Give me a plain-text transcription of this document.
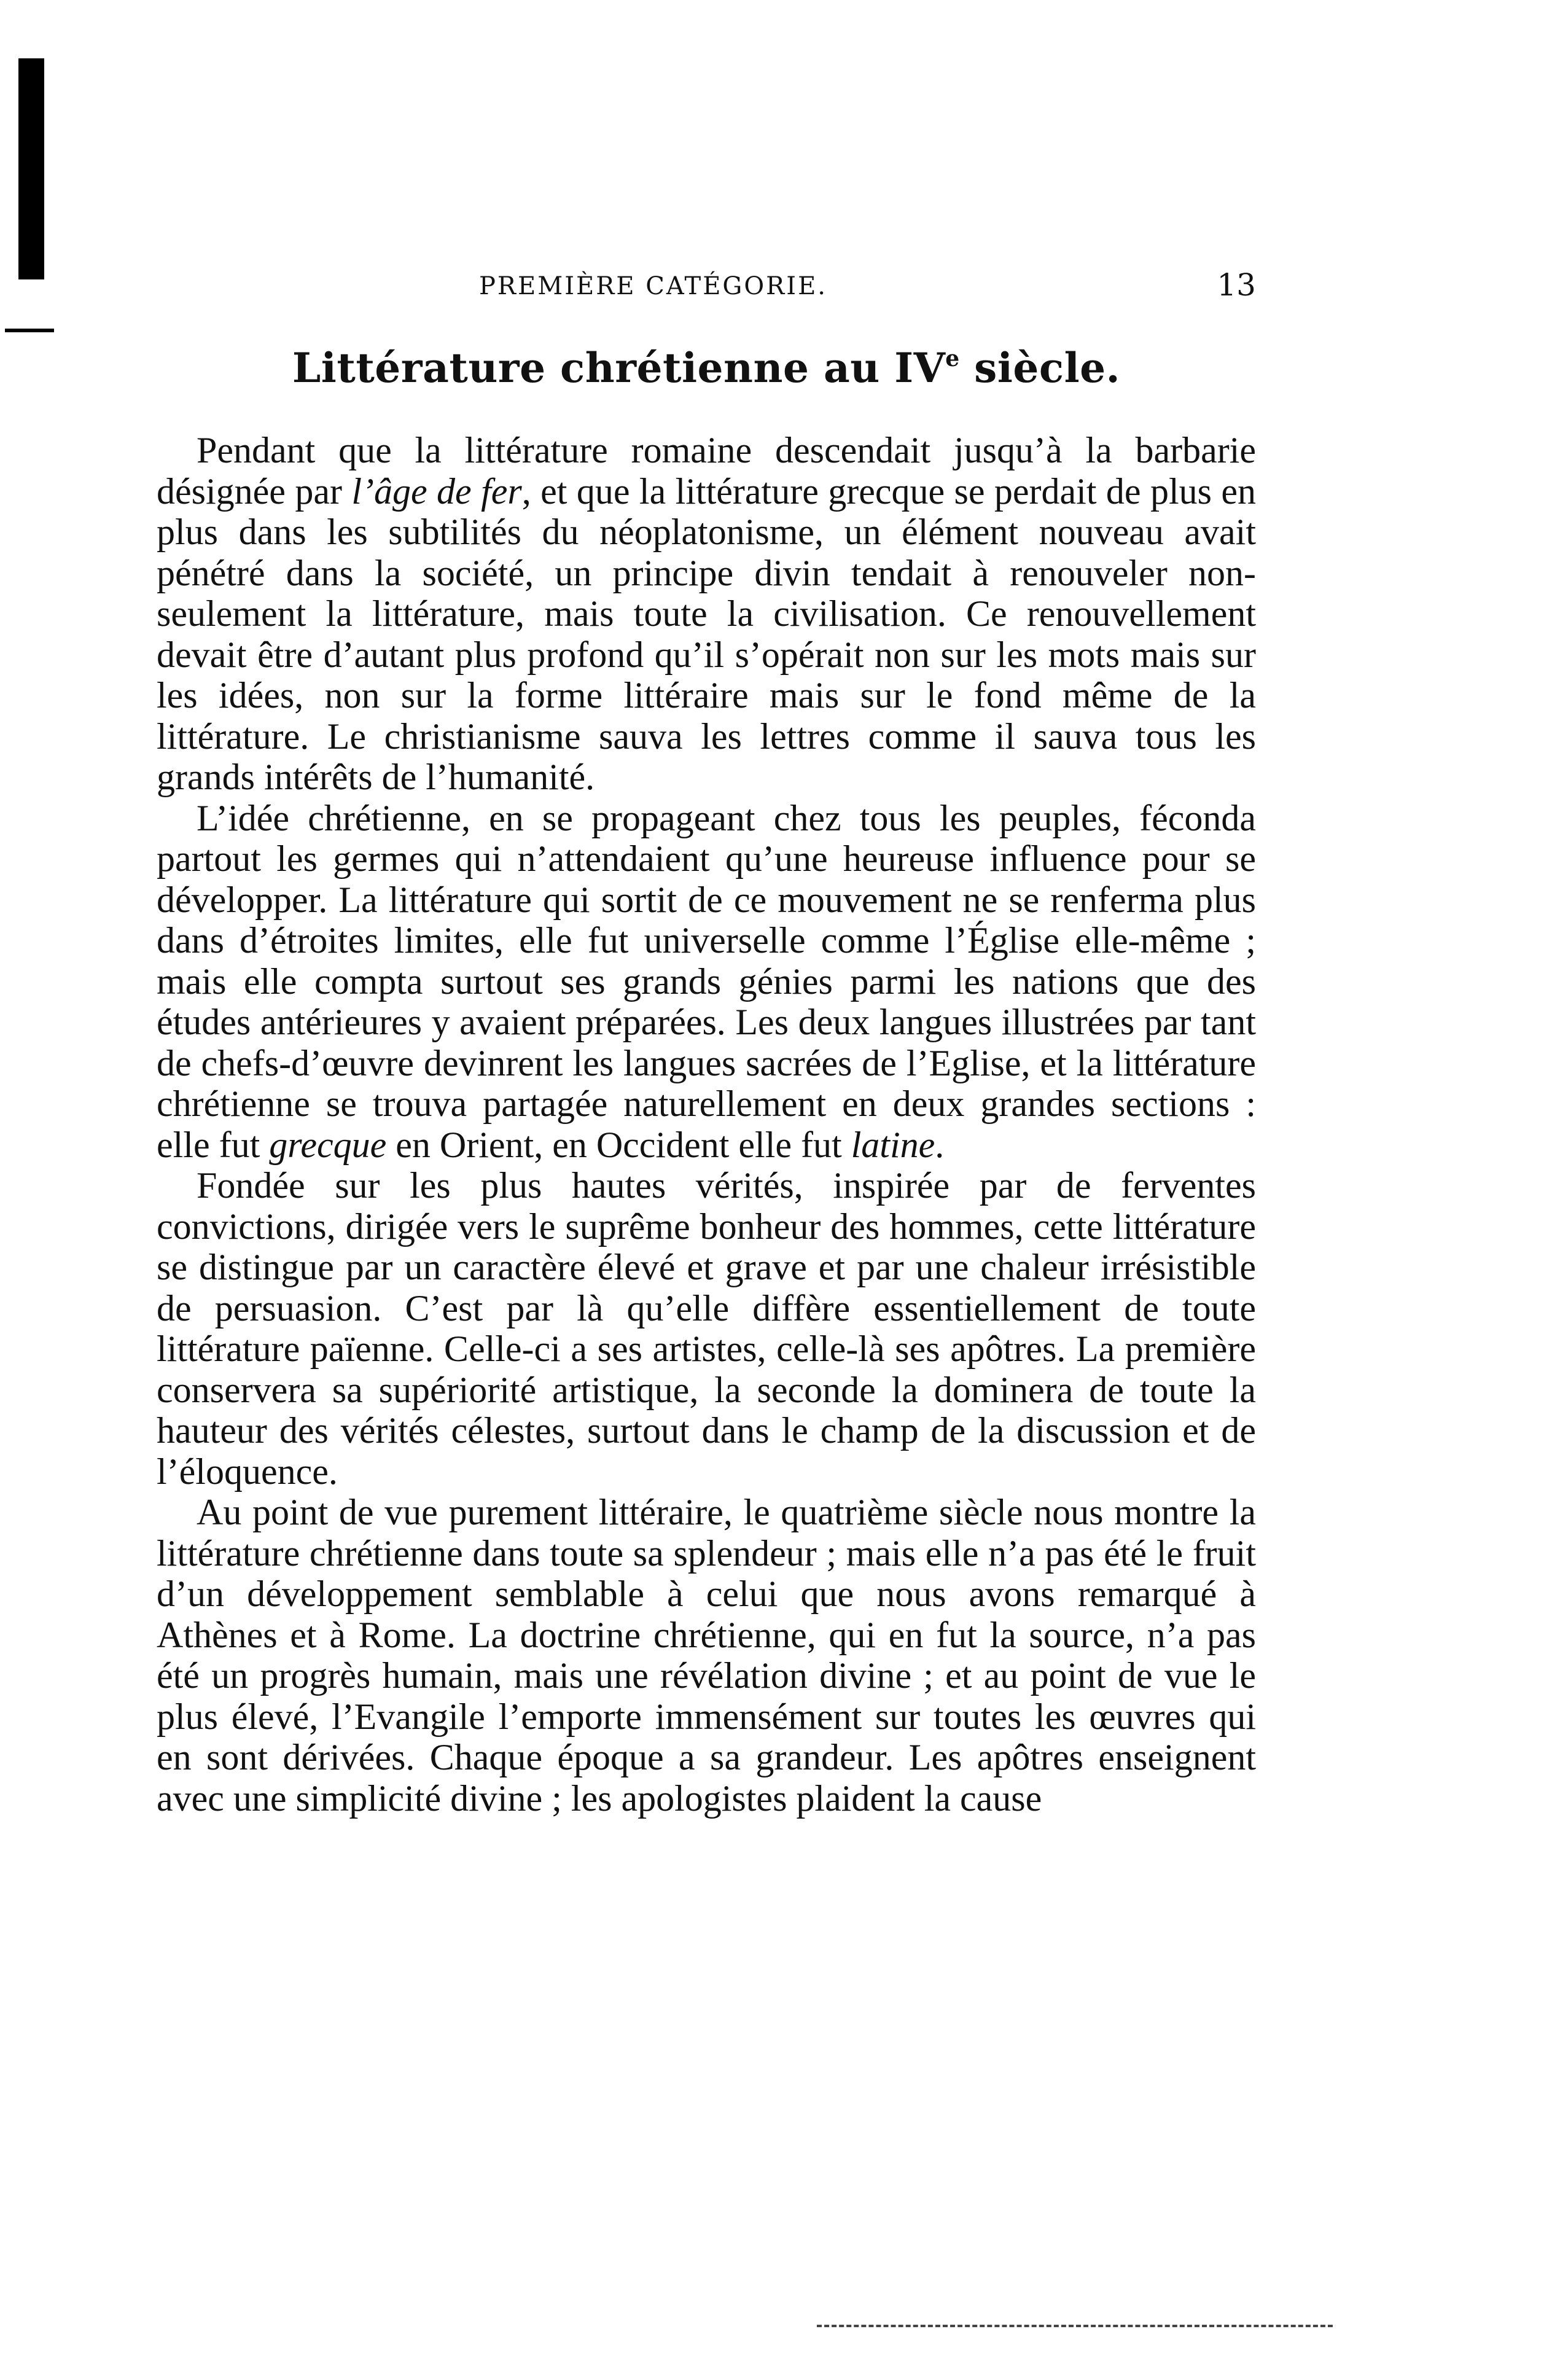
PREMIÈRE CATÉGORIE.	13
Littérature chrétienne au IVe siècle.

Pendant que la littérature romaine descendait jusqu’à la barbarie désignée par l’âge de fer, et que la littérature grecque se perdait de plus en plus dans les subtilités du néoplatonisme, un élément nouveau avait pénétré dans la société, un principe divin tendait à renouveler non-seulement la littérature, mais toute la civilisation. Ce renouvellement devait être d’autant plus profond qu’il s’opérait non sur les mots mais sur les idées, non sur la forme littéraire mais sur le fond même de la littérature. Le christianisme sauva les lettres comme il sauva tous les grands intérêts de l’humanité.

L’idée chrétienne, en se propageant chez tous les peuples, féconda partout les germes qui n’attendaient qu’une heureuse influence pour se développer. La littérature qui sortit de ce mouvement ne se renferma plus dans d’étroites limites, elle fut universelle comme l’Église elle-même ; mais elle compta surtout ses grands génies parmi les nations que des études antérieures y avaient préparées. Les deux langues illustrées par tant de chefs-d’œuvre devinrent les langues sacrées de l’Eglise, et la littérature chrétienne se trouva partagée naturellement en deux grandes sections : elle fut grecque en Orient, en Occident elle fut latine.

Fondée sur les plus hautes vérités, inspirée par de ferventes convictions, dirigée vers le suprême bonheur des hommes, cette littérature se distingue par un caractère élevé et grave et par une chaleur irrésistible de persuasion. C’est par là qu’elle diffère essentiellement de toute littérature païenne. Celle-ci a ses artistes, celle-là ses apôtres. La première conservera sa supériorité artistique, la seconde la dominera de toute la hauteur des vérités célestes, surtout dans le champ de la discussion et de l’éloquence.

Au point de vue purement littéraire, le quatrième siècle nous montre la littérature chrétienne dans toute sa splendeur ; mais elle n’a pas été le fruit d’un développement semblable à celui que nous avons remarqué à Athènes et à Rome. La doctrine chrétienne, qui en fut la source, n’a pas été un progrès humain, mais une révélation divine ; et au point de vue le plus élevé, l’Evangile l’emporte immensément sur toutes les œuvres qui en sont dérivées. Chaque époque a sa grandeur. Les apôtres enseignent avec une simplicité divine ; les apologistes plaident la cause
